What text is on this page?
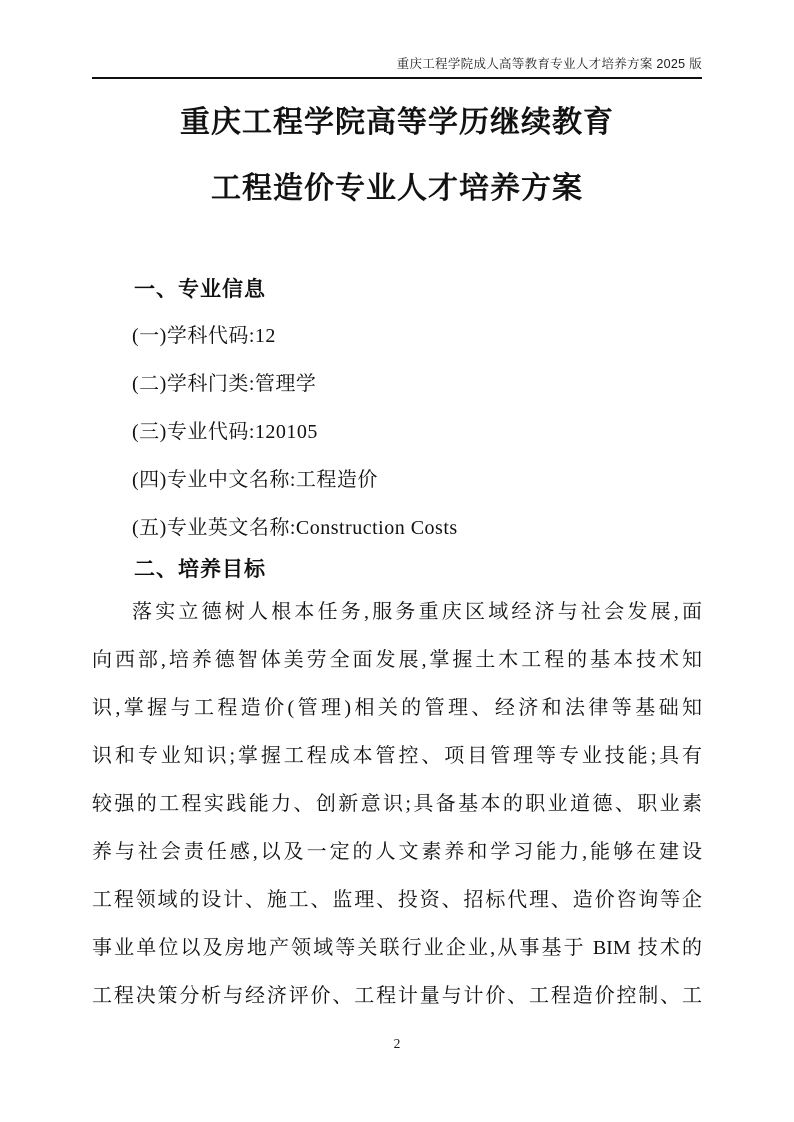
重庆工程学院成人高等教育专业人才培养方案 2025 版
重庆工程学院高等学历继续教育
工程造价专业人才培养方案
一、专业信息
(一)学科代码:12
(二)学科门类:管理学
(三)专业代码:120105
(四)专业中文名称:工程造价
(五)专业英文名称:Construction Costs
二、培养目标
落实立德树人根本任务,服务重庆区域经济与社会发展,面
向西部,培养德智体美劳全面发展,掌握土木工程的基本技术知
识,掌握与工程造价(管理)相关的管理、经济和法律等基础知
识和专业知识;掌握工程成本管控、项目管理等专业技能;具有
较强的工程实践能力、创新意识;具备基本的职业道德、职业素
养与社会责任感,以及一定的人文素养和学习能力,能够在建设
工程领域的设计、施工、监理、投资、招标代理、造价咨询等企
事业单位以及房地产领域等关联行业企业,从事基于 BIM 技术的
工程决策分析与经济评价、工程计量与计价、工程造价控制、工
2
